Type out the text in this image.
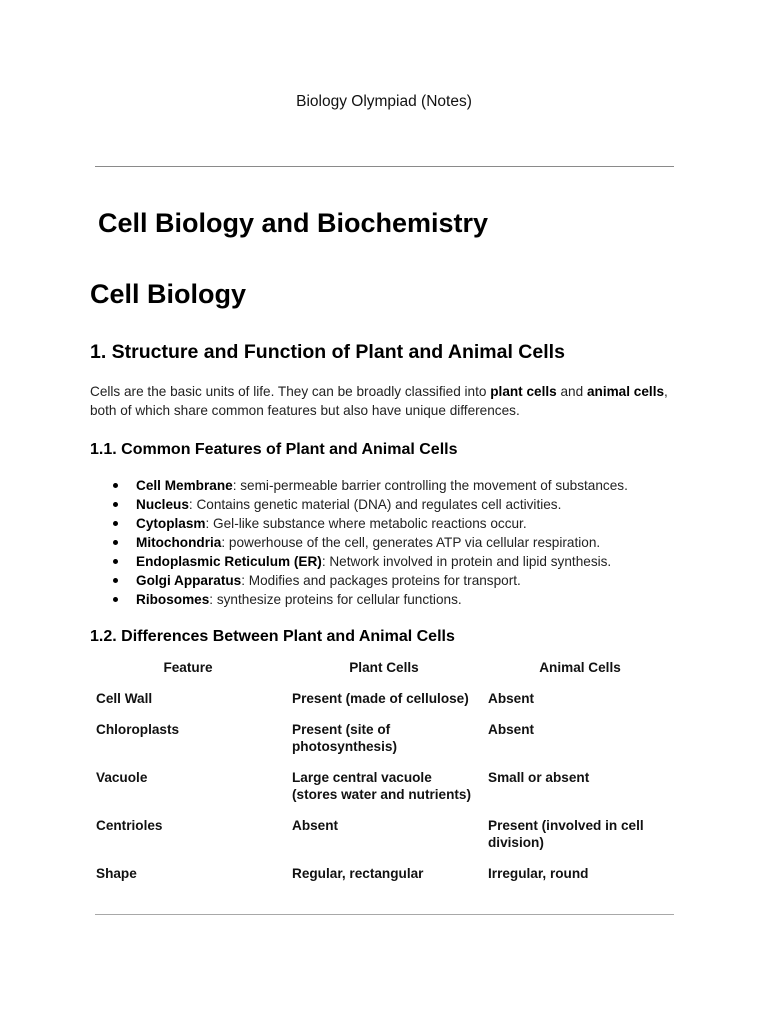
Biology Olympiad (Notes)
Cell Biology and Biochemistry
Cell Biology
1. Structure and Function of Plant and Animal Cells

Cells are the basic units of life. They can be broadly classified into plant cells and animal cells, both of which share common features but also have unique differences.

1.1. Common Features of Plant and Animal Cells
Cell Membrane: semi-permeable barrier controlling the movement of substances.
Nucleus: Contains genetic material (DNA) and regulates cell activities.
Cytoplasm: Gel-like substance where metabolic reactions occur.
Mitochondria: powerhouse of the cell, generates ATP via cellular respiration.
Endoplasmic Reticulum (ER): Network involved in protein and lipid synthesis.
Golgi Apparatus: Modifies and packages proteins for transport.
Ribosomes: synthesize proteins for cellular functions.
1.2. Differences Between Plant and Animal Cells
Feature	Plant Cells	Animal Cells
Cell Wall	Present (made of cellulose)	Absent
Chloroplasts	Present (site of photosynthesis)	Absent
Vacuole	Large central vacuole (stores water and nutrients)	Small or absent
Centrioles	Absent	Present (involved in cell division)
Shape	Regular, rectangular	Irregular, round
